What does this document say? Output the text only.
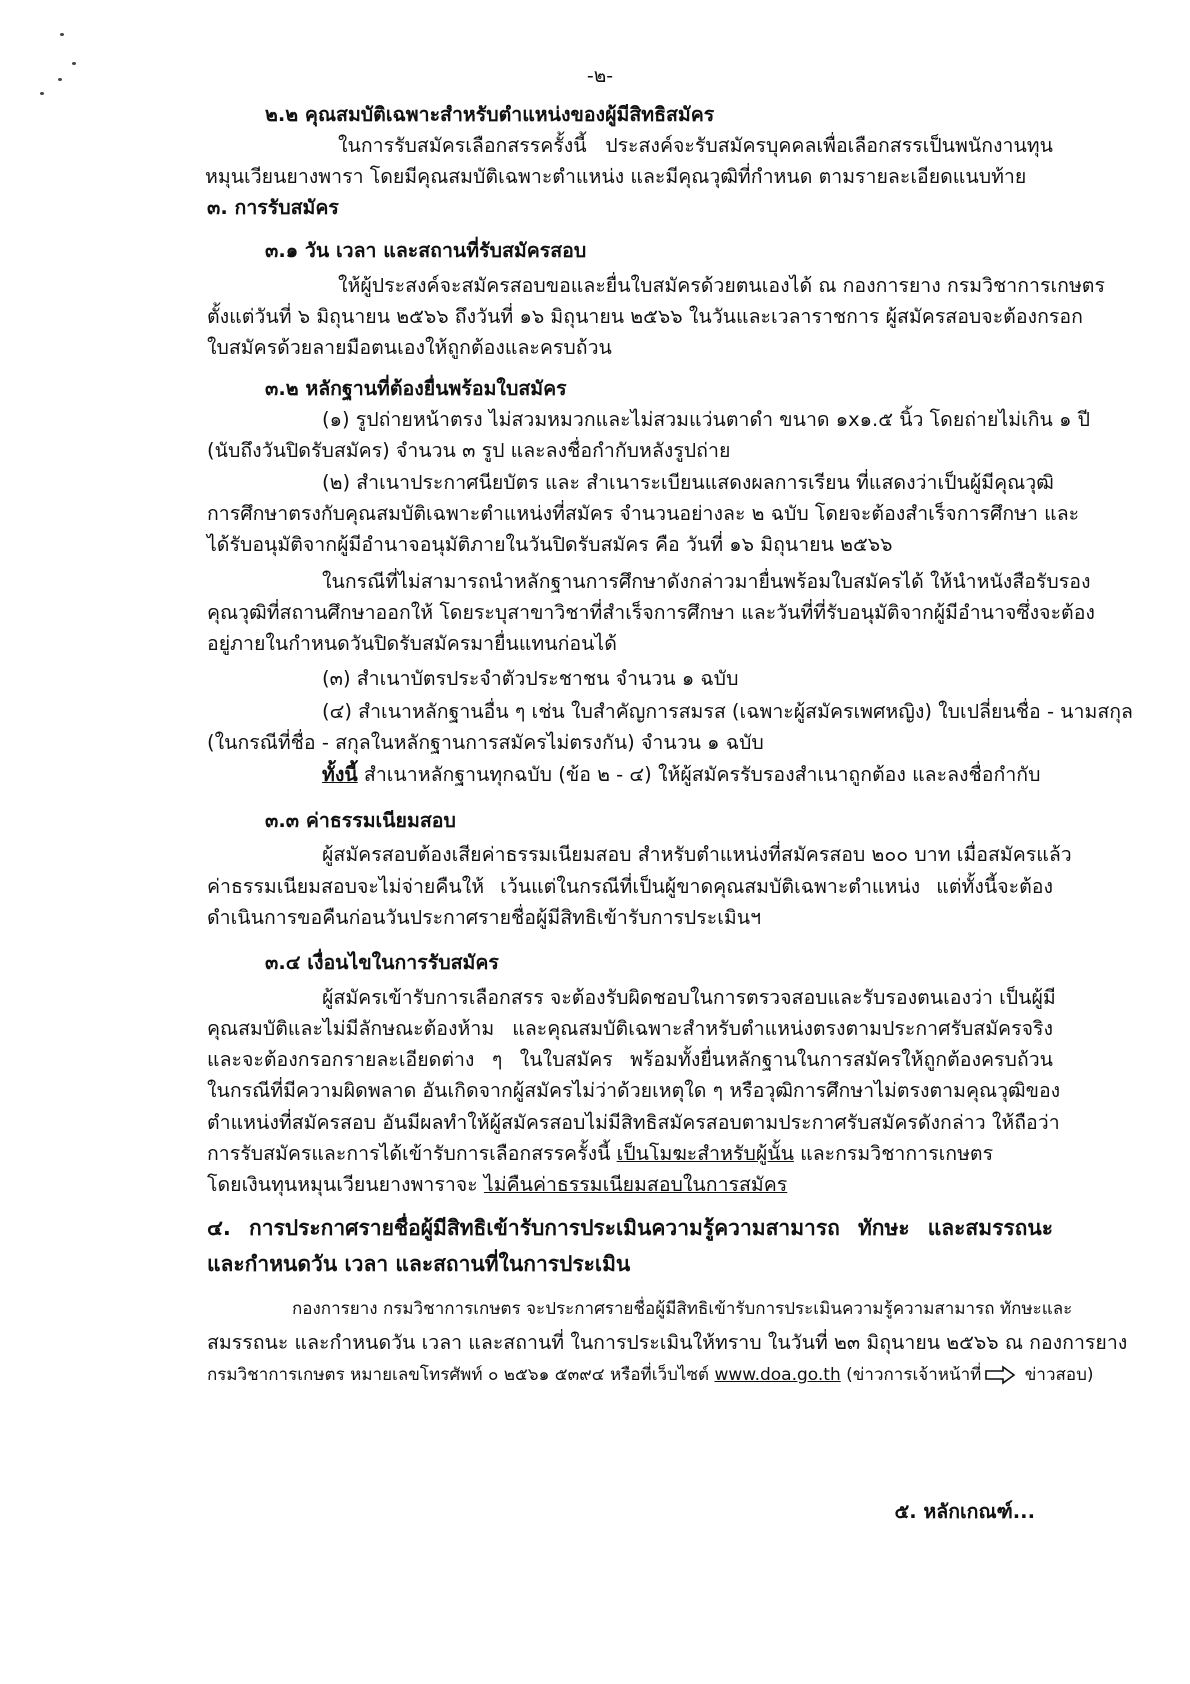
-๒-
๒.๒ คุณสมบัติเฉพาะสำหรับตำแหน่งของผู้มีสิทธิสมัคร
ในการรับสมัครเลือกสรรครั้งนี้ ประสงค์จะรับสมัครบุคคลเพื่อเลือกสรรเป็นพนักงานทุน
หมุนเวียนยางพารา โดยมีคุณสมบัติเฉพาะตำแหน่ง และมีคุณวุฒิที่กำหนด ตามรายละเอียดแนบท้าย
๓. การรับสมัคร
๓.๑ วัน เวลา และสถานที่รับสมัครสอบ
ให้ผู้ประสงค์จะสมัครสอบขอและยื่นใบสมัครด้วยตนเองได้ ณ กองการยาง กรมวิชาการเกษตร
ตั้งแต่วันที่ ๖ มิถุนายน ๒๕๖๖ ถึงวันที่ ๑๖ มิถุนายน ๒๕๖๖ ในวันและเวลาราชการ ผู้สมัครสอบจะต้องกรอก
ใบสมัครด้วยลายมือตนเองให้ถูกต้องและครบถ้วน
๓.๒ หลักฐานที่ต้องยื่นพร้อมใบสมัคร
(๑) รูปถ่ายหน้าตรง ไม่สวมหมวกและไม่สวมแว่นตาดำ ขนาด ๑x๑.๕ นิ้ว โดยถ่ายไม่เกิน ๑ ปี
(นับถึงวันปิดรับสมัคร) จำนวน ๓ รูป และลงชื่อกำกับหลังรูปถ่าย
(๒) สำเนาประกาศนียบัตร และ สำเนาระเบียนแสดงผลการเรียน ที่แสดงว่าเป็นผู้มีคุณวุฒิ
การศึกษาตรงกับคุณสมบัติเฉพาะตำแหน่งที่สมัคร จำนวนอย่างละ ๒ ฉบับ โดยจะต้องสำเร็จการศึกษา และ
ได้รับอนุมัติจากผู้มีอำนาจอนุมัติภายในวันปิดรับสมัคร คือ วันที่ ๑๖ มิถุนายน ๒๕๖๖
ในกรณีที่ไม่สามารถนำหลักฐานการศึกษาดังกล่าวมายื่นพร้อมใบสมัครได้ ให้นำหนังสือรับรอง
คุณวุฒิที่สถานศึกษาออกให้ โดยระบุสาขาวิชาที่สำเร็จการศึกษา และวันที่ที่รับอนุมัติจากผู้มีอำนาจซึ่งจะต้อง
อยู่ภายในกำหนดวันปิดรับสมัครมายื่นแทนก่อนได้
(๓) สำเนาบัตรประจำตัวประชาชน จำนวน ๑ ฉบับ
(๔) สำเนาหลักฐานอื่น ๆ เช่น ใบสำคัญการสมรส (เฉพาะผู้สมัครเพศหญิง) ใบเปลี่ยนชื่อ - นามสกุล
(ในกรณีที่ชื่อ - สกุลในหลักฐานการสมัครไม่ตรงกัน) จำนวน ๑ ฉบับ
ทั้งนี้ สำเนาหลักฐานทุกฉบับ (ข้อ ๒ - ๔) ให้ผู้สมัครรับรองสำเนาถูกต้อง และลงชื่อกำกับ
๓.๓ ค่าธรรมเนียมสอบ
ผู้สมัครสอบต้องเสียค่าธรรมเนียมสอบ สำหรับตำแหน่งที่สมัครสอบ ๒๐๐ บาท เมื่อสมัครแล้ว
ค่าธรรมเนียมสอบจะไม่จ่ายคืนให้ เว้นแต่ในกรณีที่เป็นผู้ขาดคุณสมบัติเฉพาะตำแหน่ง แต่ทั้งนี้จะต้อง
ดำเนินการขอคืนก่อนวันประกาศรายชื่อผู้มีสิทธิเข้ารับการประเมินฯ
๓.๔ เงื่อนไขในการรับสมัคร
ผู้สมัครเข้ารับการเลือกสรร จะต้องรับผิดชอบในการตรวจสอบและรับรองตนเองว่า เป็นผู้มี
คุณสมบัติและไม่มีลักษณะต้องห้าม และคุณสมบัติเฉพาะสำหรับตำแหน่งตรงตามประกาศรับสมัครจริง
และจะต้องกรอกรายละเอียดต่าง ๆ ในใบสมัคร พร้อมทั้งยื่นหลักฐานในการสมัครให้ถูกต้องครบถ้วน
ในกรณีที่มีความผิดพลาด อันเกิดจากผู้สมัครไม่ว่าด้วยเหตุใด ๆ หรือวุฒิการศึกษาไม่ตรงตามคุณวุฒิของ
ตำแหน่งที่สมัครสอบ อันมีผลทำให้ผู้สมัครสอบไม่มีสิทธิสมัครสอบตามประกาศรับสมัครดังกล่าว ให้ถือว่า
การรับสมัครและการได้เข้ารับการเลือกสรรครั้งนี้ เป็นโมฆะสำหรับผู้นั้น และกรมวิชาการเกษตร
โดยเงินทุนหมุนเวียนยางพาราจะ ไม่คืนค่าธรรมเนียมสอบในการสมัคร
๔. การประกาศรายชื่อผู้มีสิทธิเข้ารับการประเมินความรู้ความสามารถ ทักษะ และสมรรถนะ
และกำหนดวัน เวลา และสถานที่ในการประเมิน
กองการยาง กรมวิชาการเกษตร จะประกาศรายชื่อผู้มีสิทธิเข้ารับการประเมินความรู้ความสามารถ ทักษะและ
สมรรถนะ และกำหนดวัน เวลา และสถานที่ ในการประเมินให้ทราบ ในวันที่ ๒๓ มิถุนายน ๒๕๖๖ ณ กองการยาง
กรมวิชาการเกษตร หมายเลขโทรศัพท์ ๐ ๒๕๖๑ ๕๓๙๔ หรือที่เว็บไซต์ www.doa.go.th (ข่าวการเจ้าหน้าที่ ข่าวสอบ)
๕. หลักเกณฑ์...
